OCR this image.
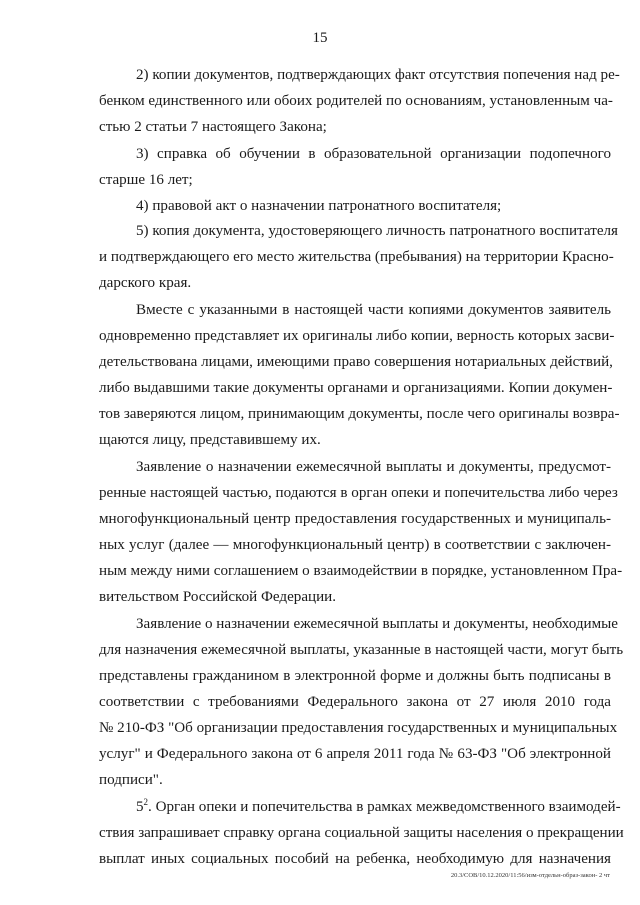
15
2) копии документов, подтверждающих факт отсутствия попечения над ре-
бенком единственного или обоих родителей по основаниям, установленным ча-
стью 2 статьи 7 настоящего Закона;
3) справка об обучении в образовательной организации подопечного
старше 16 лет;
4) правовой акт о назначении патронатного воспитателя;
5) копия документа, удостоверяющего личность патронатного воспитателя
и подтверждающего его место жительства (пребывания) на территории Красно-
дарского края.
Вместе с указанными в настоящей части копиями документов заявитель
одновременно представляет их оригиналы либо копии, верность которых засви-
детельствована лицами, имеющими право совершения нотариальных действий,
либо выдавшими такие документы органами и организациями. Копии докумен-
тов заверяются лицом, принимающим документы, после чего оригиналы возвра-
щаются лицу, представившему их.
Заявление о назначении ежемесячной выплаты и документы, предусмот-
ренные настоящей частью, подаются в орган опеки и попечительства либо через
многофункциональный центр предоставления государственных и муниципаль-
ных услуг (далее — многофункциональный центр) в соответствии с заключен-
ным между ними соглашением о взаимодействии в порядке, установленном Пра-
вительством Российской Федерации.
Заявление о назначении ежемесячной выплаты и документы, необходимые
для назначения ежемесячной выплаты, указанные в настоящей части, могут быть
представлены гражданином в электронной форме и должны быть подписаны в
соответствии с требованиями Федерального закона от 27 июля 2010 года
№ 210-ФЗ "Об организации предоставления государственных и муниципальных
услуг" и Федерального закона от 6 апреля 2011 года № 63-ФЗ "Об электронной
подписи".
$5^2$. Орган опеки и попечительства в рамках межведомственного взаимодей-
ствия запрашивает справку органа социальной защиты населения о прекращении
выплат иных социальных пособий на ребенка, необходимую для назначения
20.3/СОВ/10.12.2020/11:56/изм-отдельн-образ-закон- 2 чт
